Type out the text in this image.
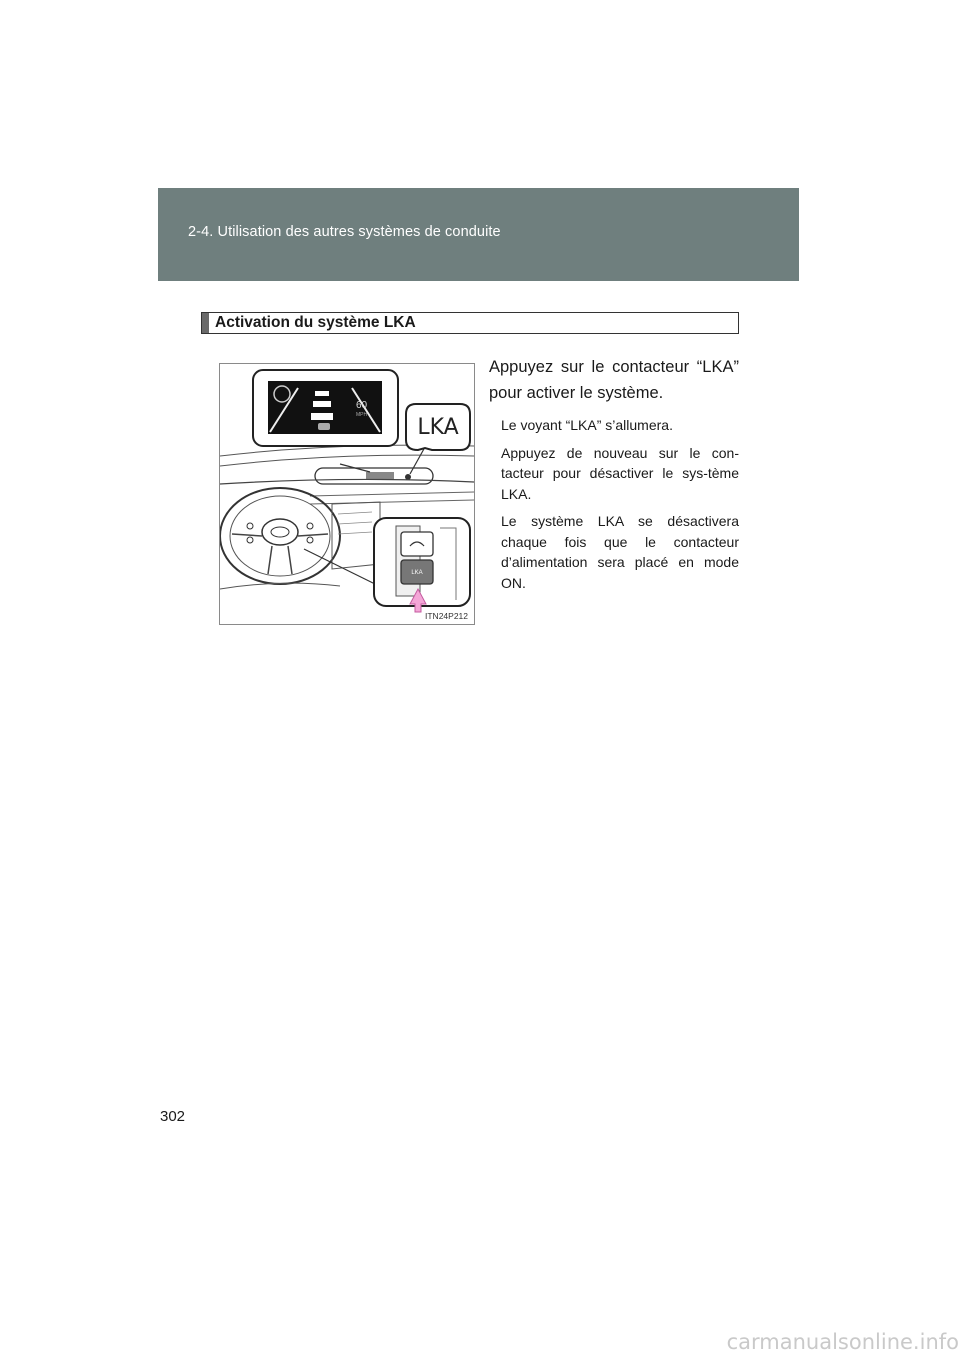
2-4. Utilisation des autres systèmes de conduite
Activation du système LKA
60
MPH LKA
LKA
ITN24P212

Appuyez sur le contacteur “LKA” pour activer le système.

Le voyant “LKA” s’allumera.

Appuyez de nouveau sur le con-tacteur pour désactiver le sys-tème LKA.

Le système LKA se désactivera chaque fois que le contacteur d’alimentation sera placé en mode ON.

302
carmanualsonline.info
